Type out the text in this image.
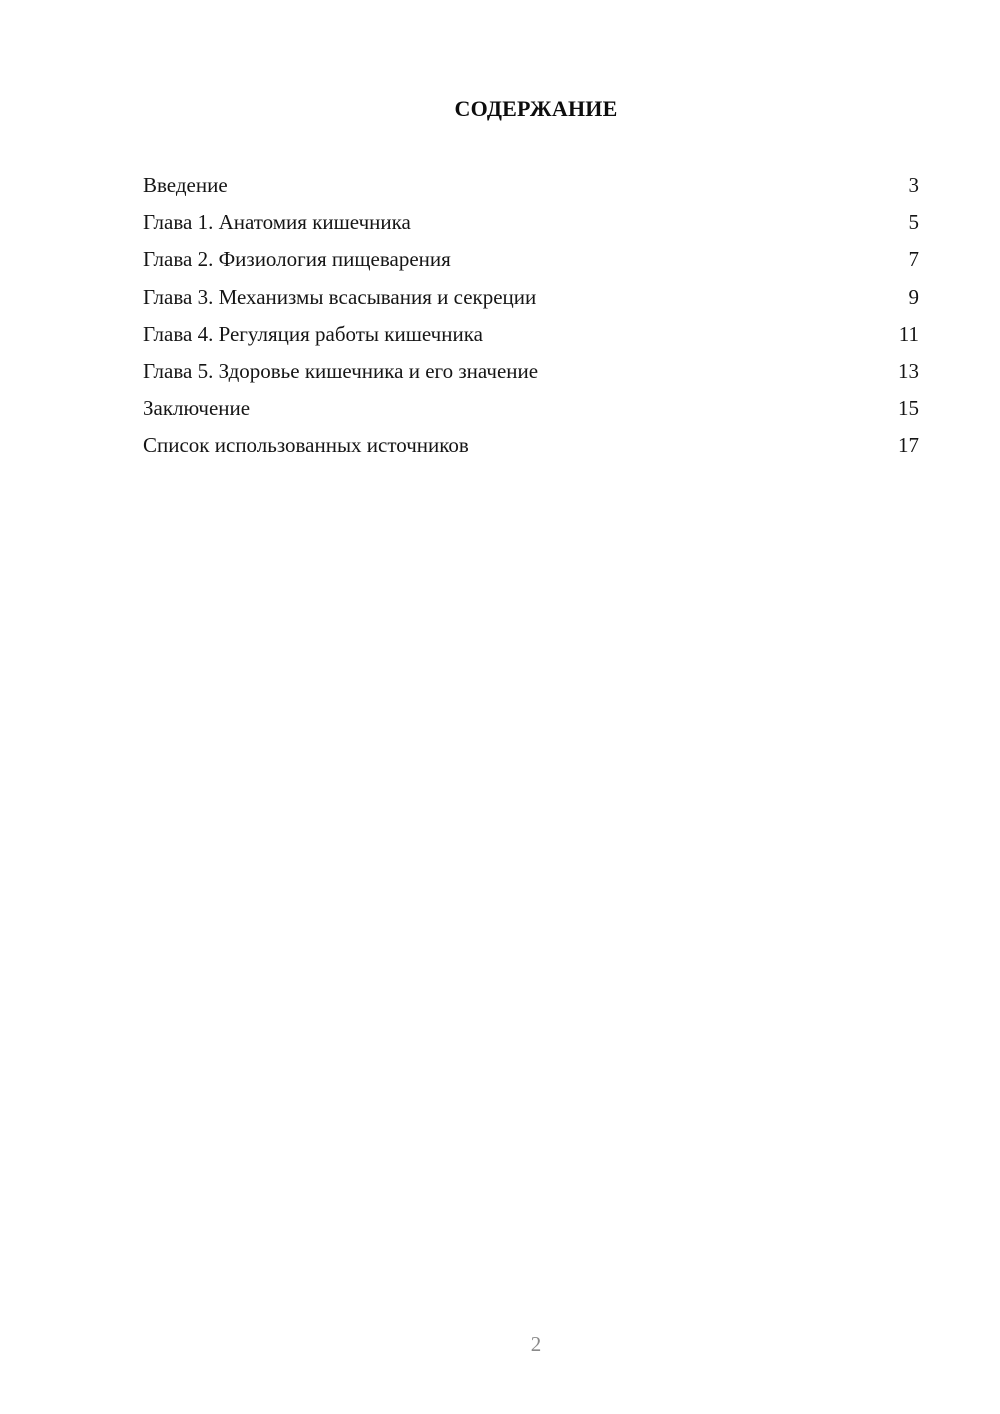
СОДЕРЖАНИЕ
Введение	3
Глава 1. Анатомия кишечника	5
Глава 2. Физиология пищеварения	7
Глава 3. Механизмы всасывания и секреции	9
Глава 4. Регуляция работы кишечника	11
Глава 5. Здоровье кишечника и его значение	13
Заключение	15
Список использованных источников	17
2
